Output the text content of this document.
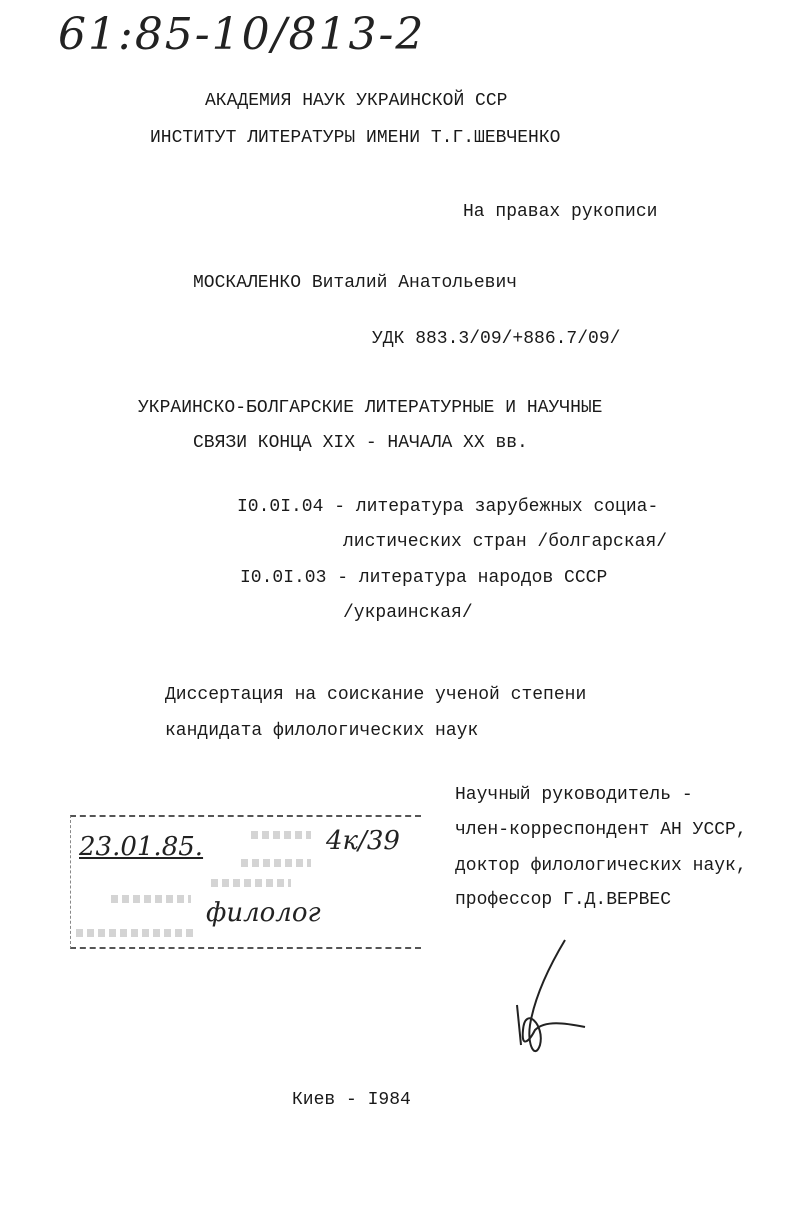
61:85-10/813-2
АКАДЕМИЯ НАУК УКРАИНСКОЙ ССР
ИНСТИТУТ ЛИТЕРАТУРЫ ИМЕНИ Т.Г.ШЕВЧЕНКО
На правах рукописи
МОСКАЛЕНКО Виталий Анатольевич
УДК 883.3/09/+886.7/09/
УКРАИНСКО-БОЛГАРСКИЕ ЛИТЕРАТУРНЫЕ И НАУЧНЫЕ
СВЯЗИ КОНЦА XIX - НАЧАЛА XX вв.
I0.0I.04 - литература зарубежных социа-
листических стран /болгарская/
I0.0I.03 - литература народов СССР
/украинская/
Диссертация на соискание ученой степени
кандидата филологических наук
Научный руководитель -
член-корреспондент АН УССР,
доктор филологических наук,
профессор Г.Д.ВЕРВЕС
23.01.85.	4к/39
филолог
Киев - I984
